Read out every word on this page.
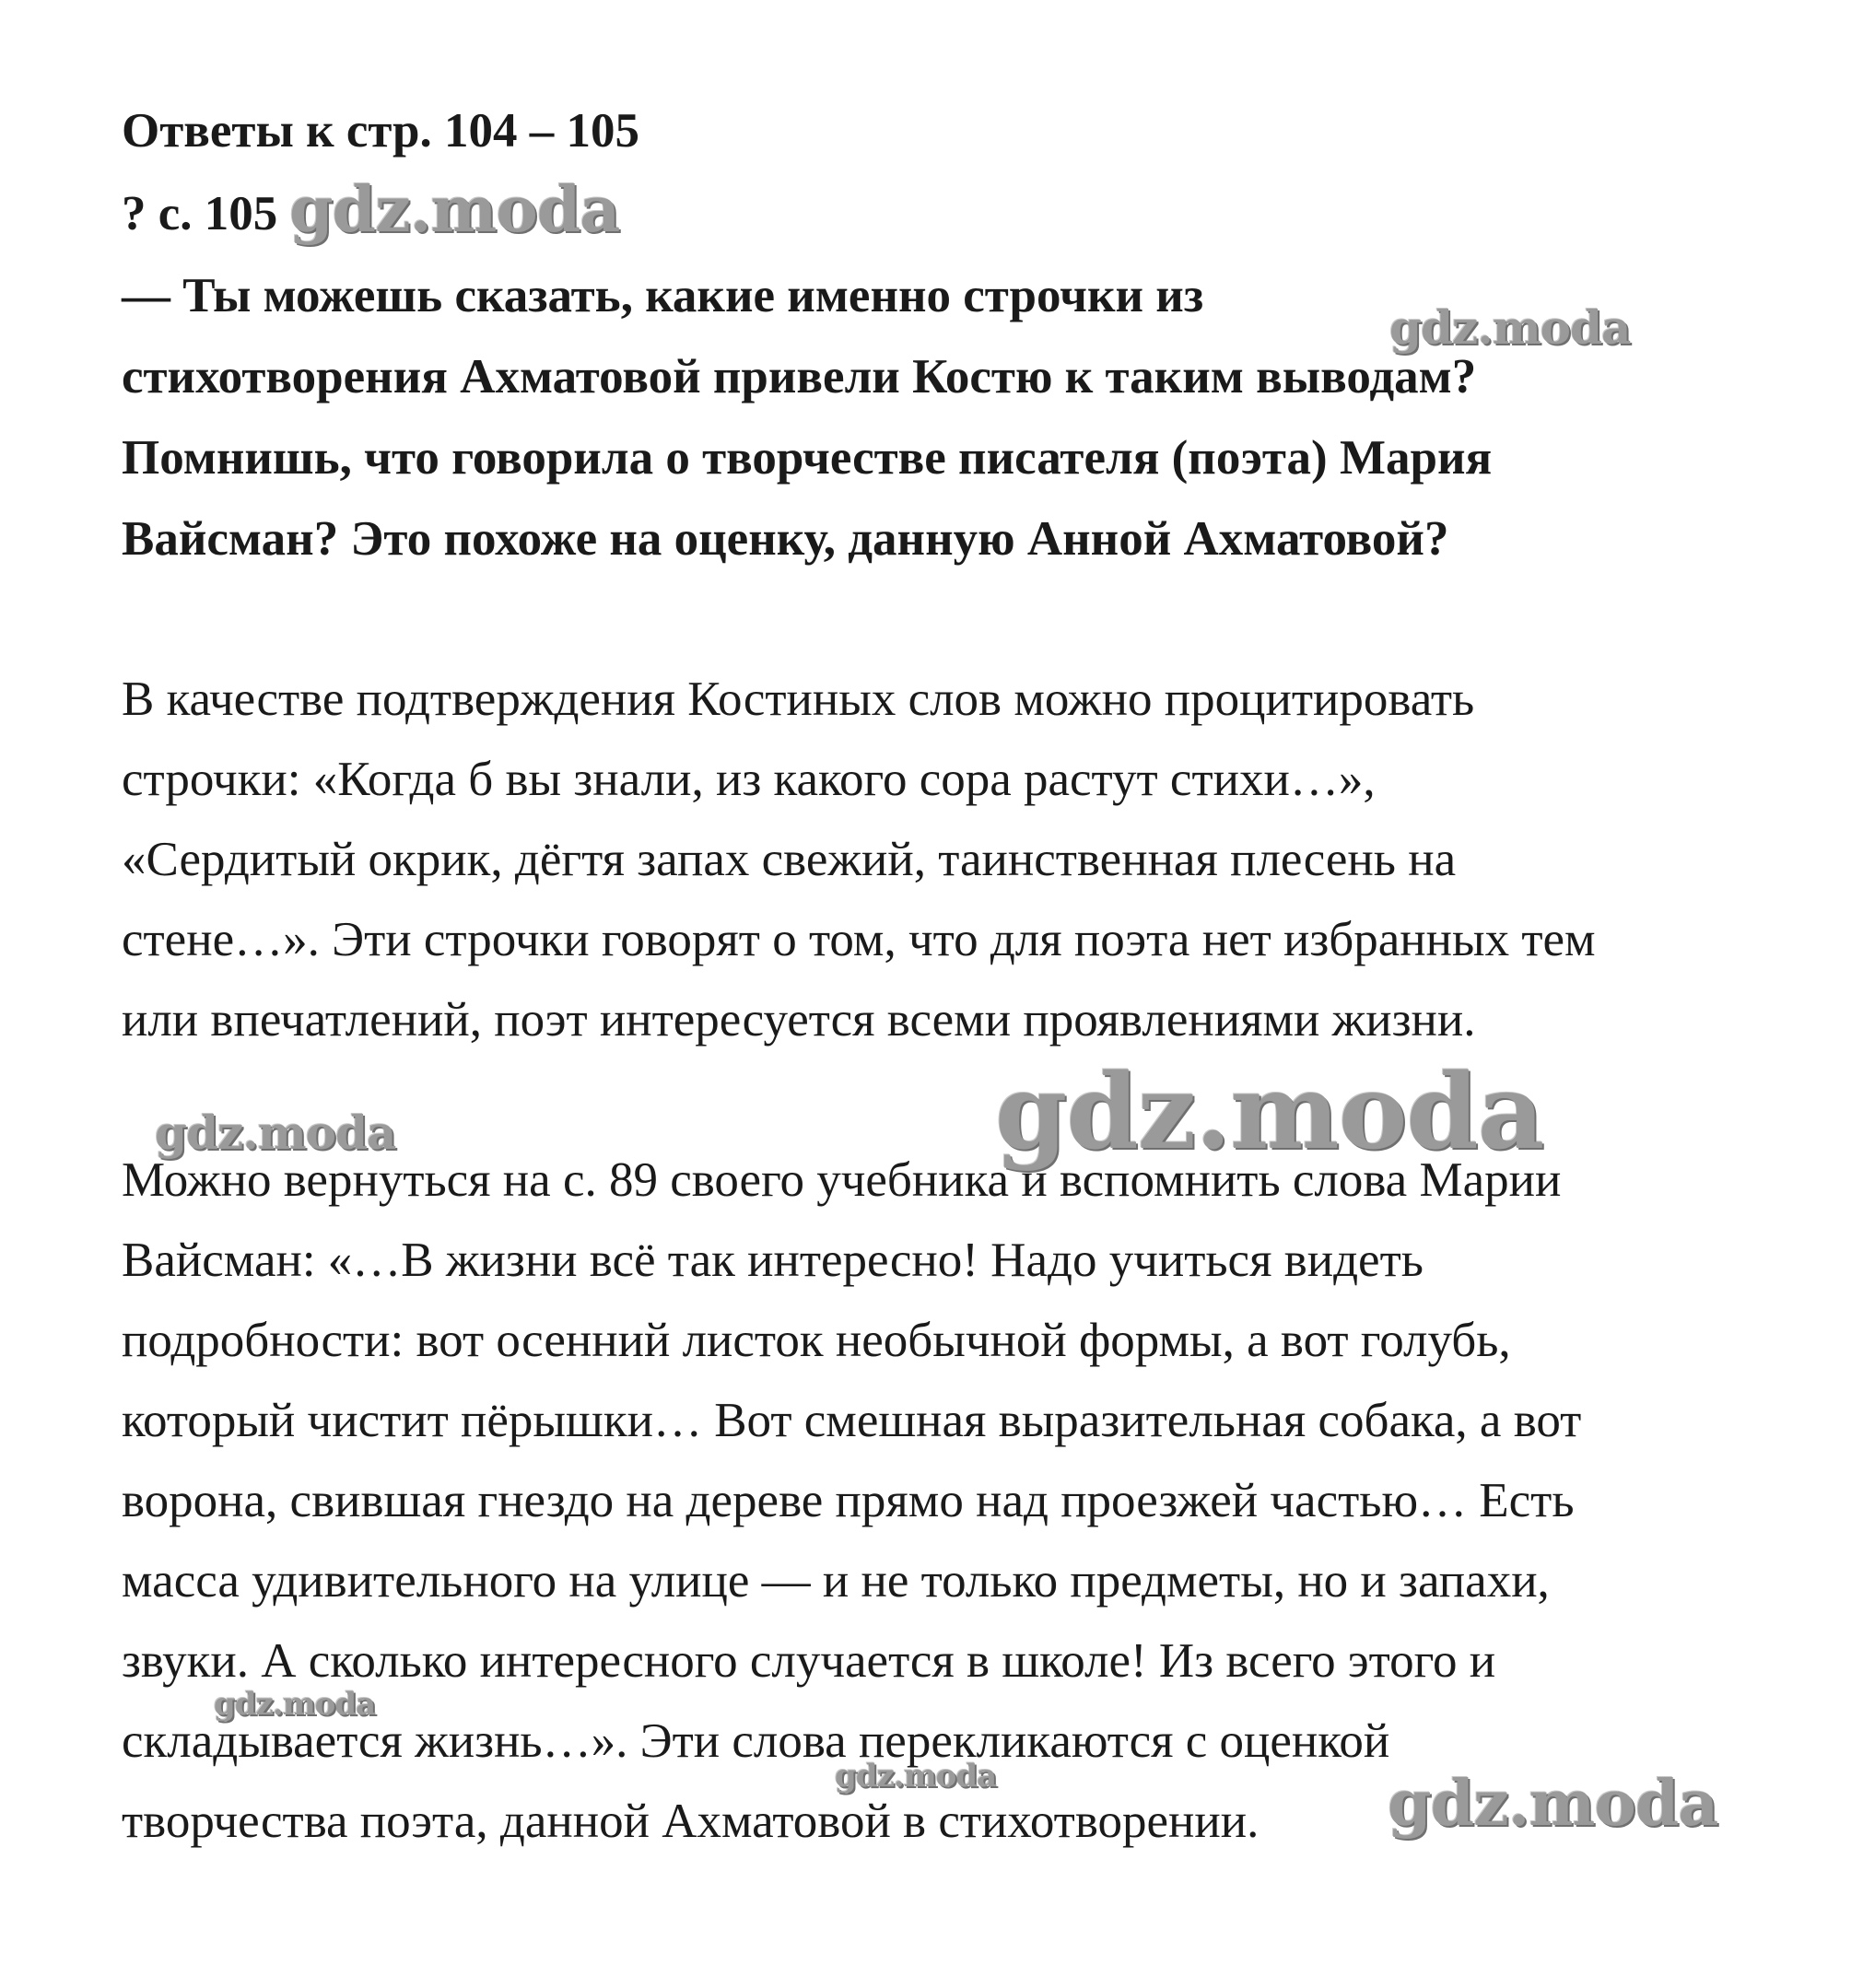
Ответы к стр. 104 – 105
? с. 105
— Ты можешь сказать, какие именно строчки из
стихотворения Ахматовой привели Костю к таким выводам?
Помнишь, что говорила о творчестве писателя (поэта) Мария
Вайсман? Это похоже на оценку, данную Анной Ахматовой?
В качестве подтверждения Костиных слов можно процитировать
строчки: «Когда б вы знали, из какого сора растут стихи…»,
«Сердитый окрик, дёгтя запах свежий, таинственная плесень на
стене…». Эти строчки говорят о том, что для поэта нет избранных тем
или впечатлений, поэт интересуется всеми проявлениями жизни.
Можно вернуться на с. 89 своего учебника и вспомнить слова Марии
Вайсман: «…В жизни всё так интересно! Надо учиться видеть
подробности: вот осенний листок необычной формы, а вот голубь,
который чистит пёрышки… Вот смешная выразительная собака, а вот
ворона, свившая гнездо на дереве прямо над проезжей частью… Есть
масса удивительного на улице — и не только предметы, но и запахи,
звуки. А сколько интересного случается в школе! Из всего этого и
складывается жизнь…». Эти слова перекликаются с оценкой
творчества поэта, данной Ахматовой в стихотворении.
gdz.moda
gdz.moda
gdz.moda
gdz.moda
gdz.moda
gdz.moda	gdz.moda
